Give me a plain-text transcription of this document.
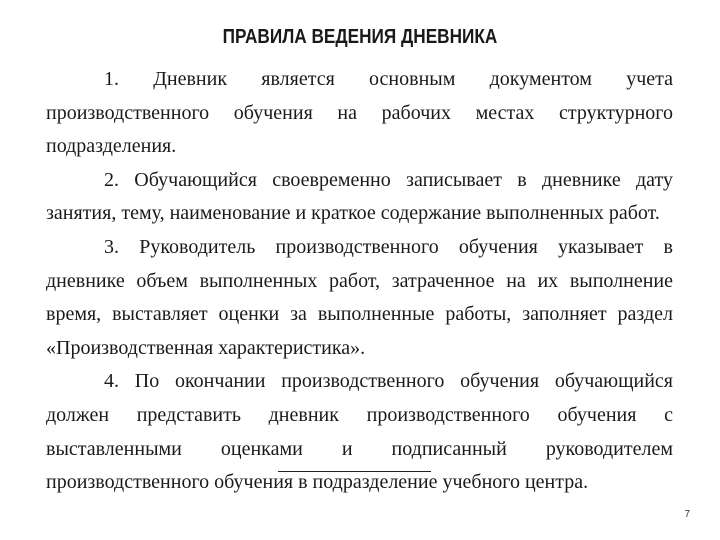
ПРАВИЛА ВЕДЕНИЯ ДНЕВНИКА

1. Дневник является основным документом учета производственного обучения на рабочих местах структурного подразделения.

2. Обучающийся своевременно записывает в дневнике дату занятия, тему, наименование и краткое содержание выполненных работ.

3. Руководитель производственного обучения указывает в дневнике объем выполненных работ, затраченное на их выполнение время, выставляет оценки за выполненные работы, заполняет раздел «Производственная характеристика».

4. По окончании производственного обучения обучающийся должен представить дневник производственного обучения с выставленными оценками и подписанный руководителем производственного обучения в подразделение учебного центра.

7
